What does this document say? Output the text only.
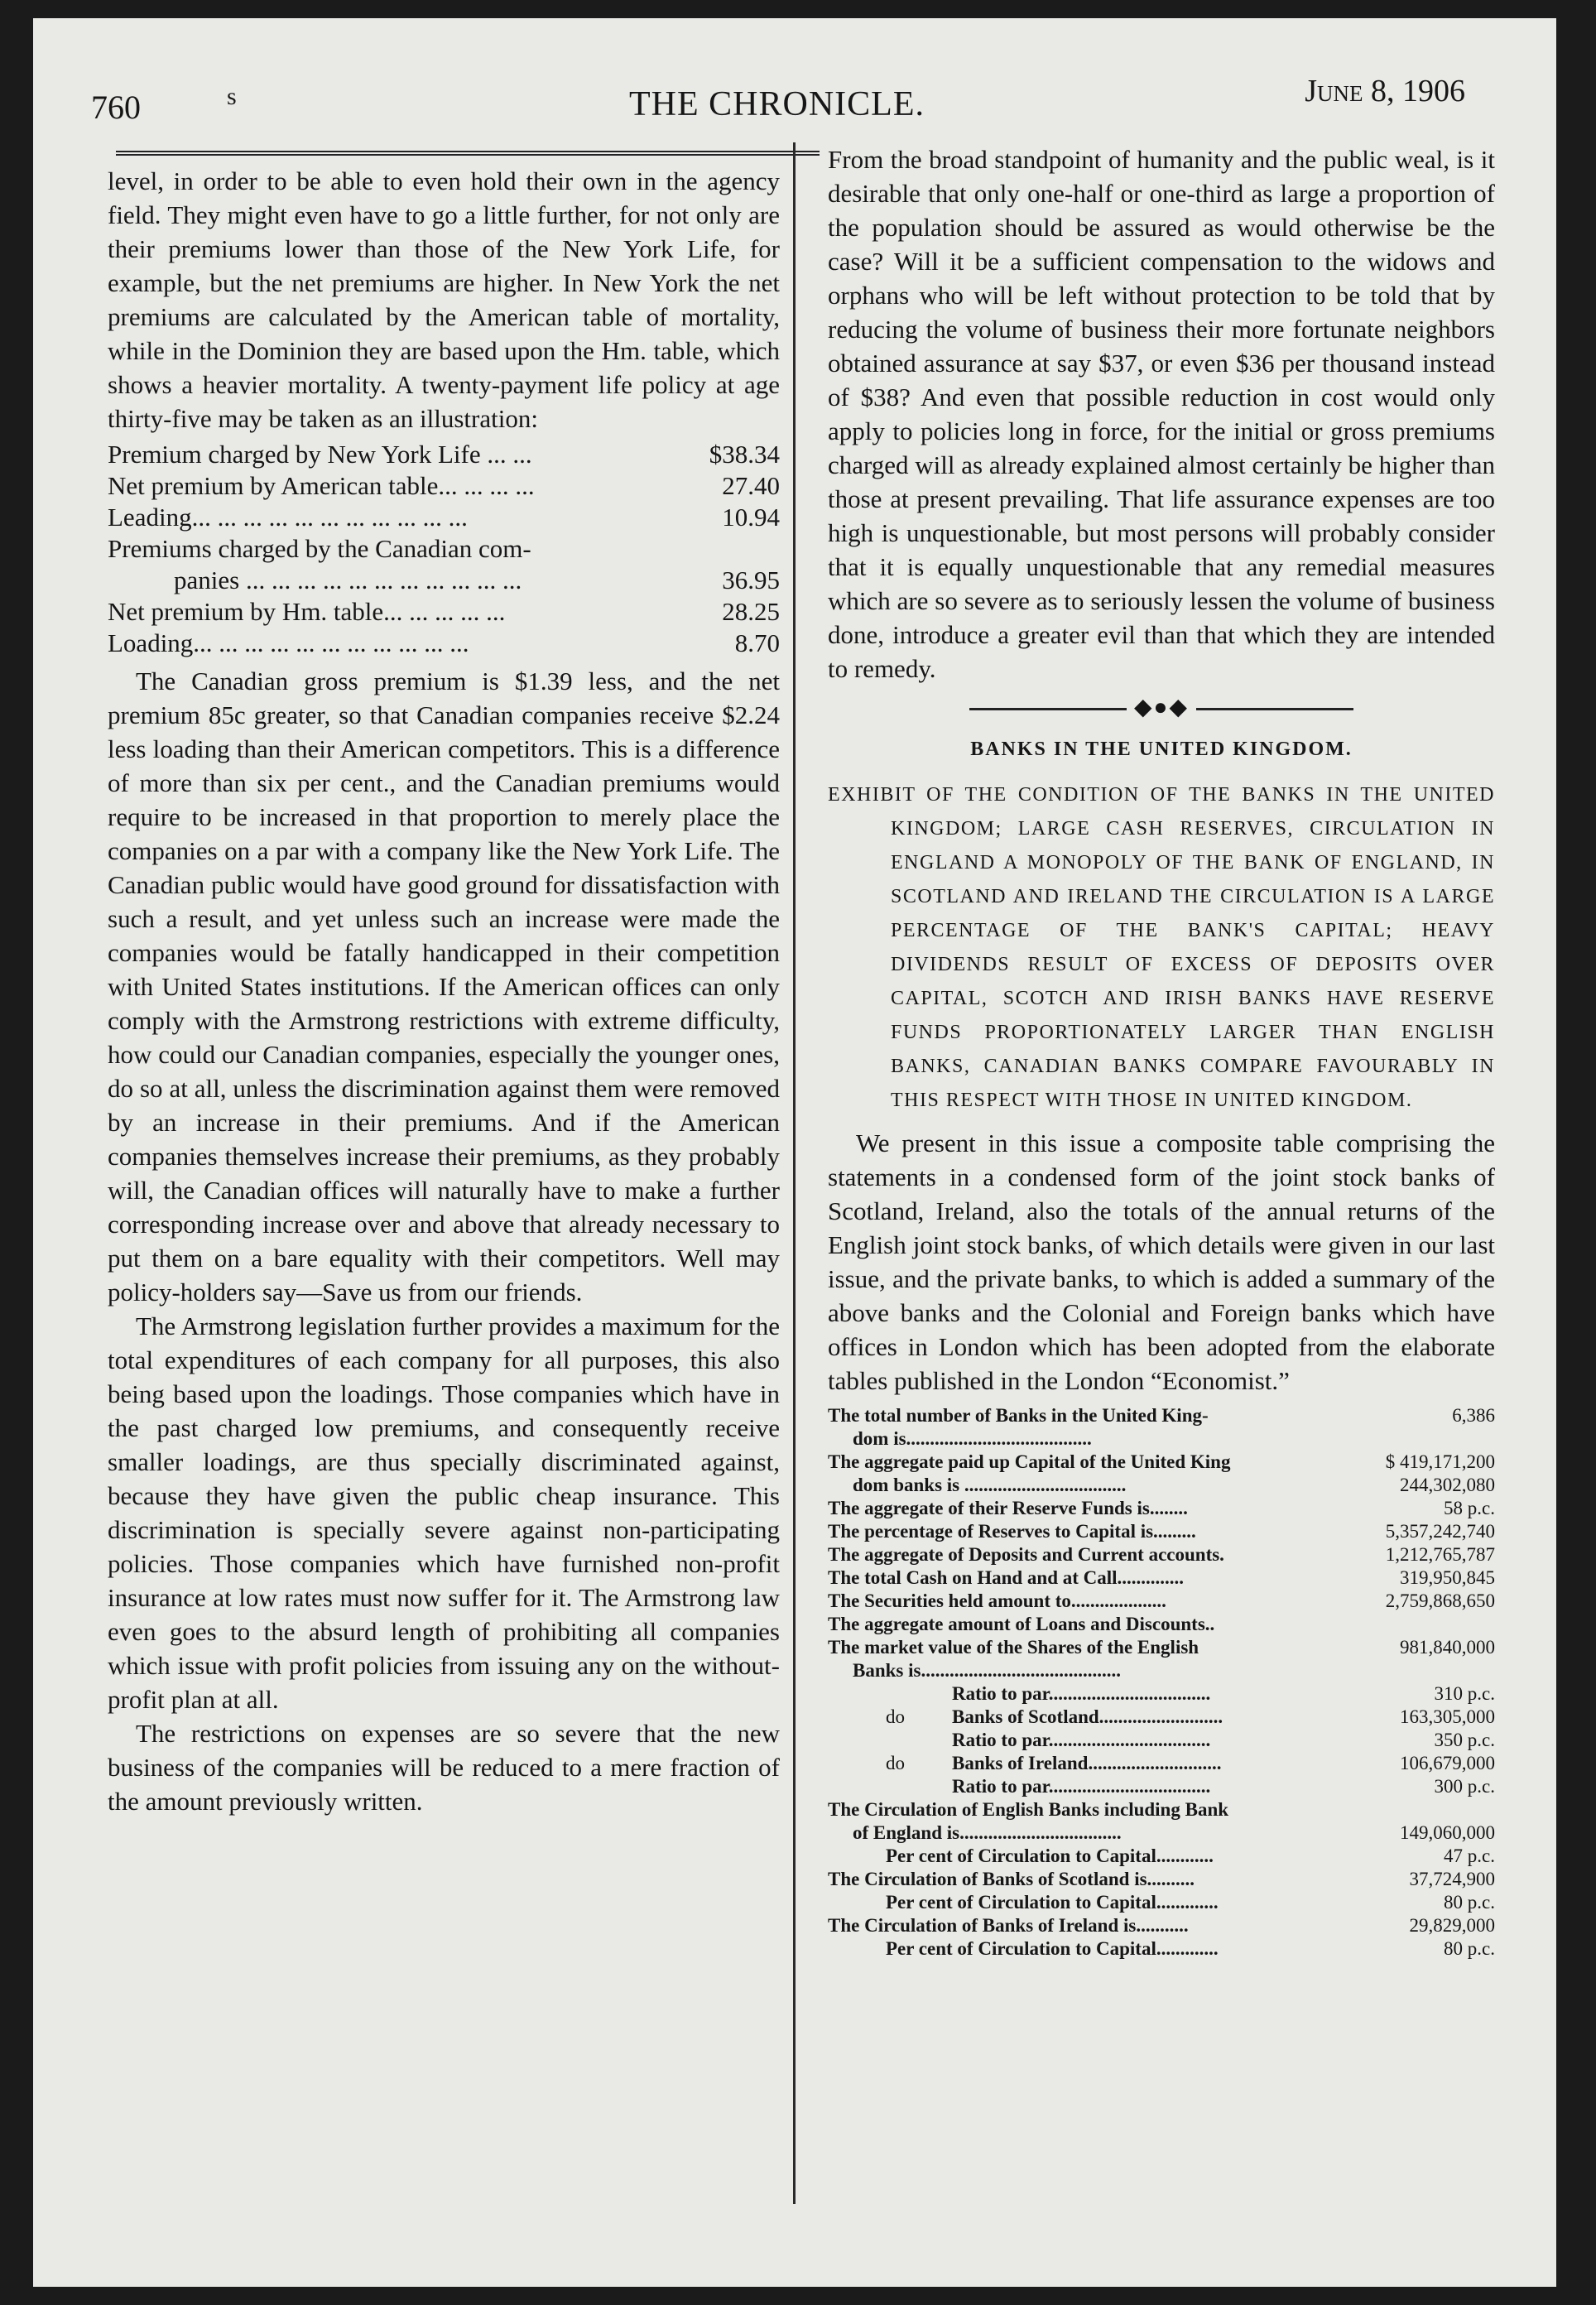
760	s	THE CHRONICLE.	June 8, 1906

level, in order to be able to even hold their own in the agency field. They might even have to go a little further, for not only are their premiums lower than those of the New York Life, for example, but the net premiums are higher. In New York the net premiums are calculated by the American table of mortality, while in the Dominion they are based upon the Hm. table, which shows a heavier mortality. A twenty-payment life policy at age thirty-five may be taken as an illustration:

Premium charged by New York Life ... ...	$38.34
Net premium by American table... ... ... ...	27.40
Leading... ... ... ... ... ... ... ... ... ... ...	10.94
Premiums charged by the Canadian com-	
panies ... ... ... ... ... ... ... ... ... ... ...	36.95
Net premium by Hm. table... ... ... ... ...	28.25
Loading... ... ... ... ... ... ... ... ... ... ...	8.70

The Canadian gross premium is $1.39 less, and the net premium 85c greater, so that Canadian companies receive $2.24 less loading than their American competitors. This is a difference of more than six per cent., and the Canadian premiums would require to be increased in that proportion to merely place the companies on a par with a company like the New York Life. The Canadian public would have good ground for dissatisfaction with such a result, and yet unless such an increase were made the companies would be fatally handicapped in their competition with United States institutions. If the American offices can only comply with the Armstrong restrictions with extreme difficulty, how could our Canadian companies, especially the younger ones, do so at all, unless the discrimination against them were removed by an increase in their premiums. And if the American companies themselves increase their premiums, as they probably will, the Canadian offices will naturally have to make a further corresponding increase over and above that already necessary to put them on a bare equality with their competitors. Well may policy-holders say—Save us from our friends.

The Armstrong legislation further provides a maximum for the total expenditures of each company for all purposes, this also being based upon the loadings. Those companies which have in the past charged low premiums, and consequently receive smaller loadings, are thus specially discriminated against, because they have given the public cheap insurance. This discrimination is specially severe against non-participating policies. Those companies which have furnished non-profit insurance at low rates must now suffer for it. The Armstrong law even goes to the absurd length of prohibiting all companies which issue with profit policies from issuing any on the without-profit plan at all.

The restrictions on expenses are so severe that the new business of the companies will be reduced to a mere fraction of the amount previously written.

From the broad standpoint of humanity and the public weal, is it desirable that only one-half or one-third as large a proportion of the population should be assured as would otherwise be the case? Will it be a sufficient compensation to the widows and orphans who will be left without protection to be told that by reducing the volume of business their more fortunate neighbors obtained assurance at say $37, or even $36 per thousand instead of $38? And even that possible reduction in cost would only apply to policies long in force, for the initial or gross premiums charged will as already explained almost certainly be higher than those at present prevailing. That life assurance expenses are too high is unquestionable, but most persons will probably consider that it is equally unquestionable that any remedial measures which are so severe as to seriously lessen the volume of business done, introduce a greater evil than that which they are intended to remedy.

◆●◆
BANKS IN THE UNITED KINGDOM.
EXHIBIT OF THE CONDITION OF THE BANKS IN THE UNITED KINGDOM; LARGE CASH RESERVES, CIRCULATION IN ENGLAND A MONOPOLY OF THE BANK OF ENGLAND, IN SCOTLAND AND IRELAND THE CIRCULATION IS A LARGE PERCENTAGE OF THE BANK'S CAPITAL; HEAVY DIVIDENDS RESULT OF EXCESS OF DEPOSITS OVER CAPITAL, SCOTCH AND IRISH BANKS HAVE RESERVE FUNDS PROPORTIONATELY LARGER THAN ENGLISH BANKS, CANADIAN BANKS COMPARE FAVOURABLY IN THIS RESPECT WITH THOSE IN UNITED KINGDOM.

We present in this issue a composite table comprising the statements in a condensed form of the joint stock banks of Scotland, Ireland, also the totals of the annual returns of the English joint stock banks, of which details were given in our last issue, and the private banks, to which is added a summary of the above banks and the Colonial and Foreign banks which have offices in London which has been adopted from the elaborate tables published in the London “Economist.”

The total number of Banks in the United King-	6,386
dom is.......................................	
The aggregate paid up Capital of the United King	$ 419,171,200
dom banks is ..................................	244,302,080
The aggregate of their Reserve Funds is........	58 p.c.
The percentage of Reserves to Capital is.........	5,357,242,740
The aggregate of Deposits and Current accounts.	1,212,765,787
The total Cash on Hand and at Call..............	319,950,845
The Securities held amount to....................	2,759,868,650
The aggregate amount of Loans and Discounts..	
The market value of the Shares of the English	981,840,000
Banks is..........................................	
Ratio to par..................................	310 p.c.
do Banks of Scotland..........................	163,305,000
Ratio to par..................................	350 p.c.
do Banks of Ireland............................	106,679,000
Ratio to par..................................	300 p.c.
The Circulation of English Banks including Bank	
of England is..................................	149,060,000
Per cent of Circulation to Capital............	47 p.c.
The Circulation of Banks of Scotland is..........	37,724,900
Per cent of Circulation to Capital.............	80 p.c.
The Circulation of Banks of Ireland is...........	29,829,000
Per cent of Circulation to Capital.............	80 p.c.
